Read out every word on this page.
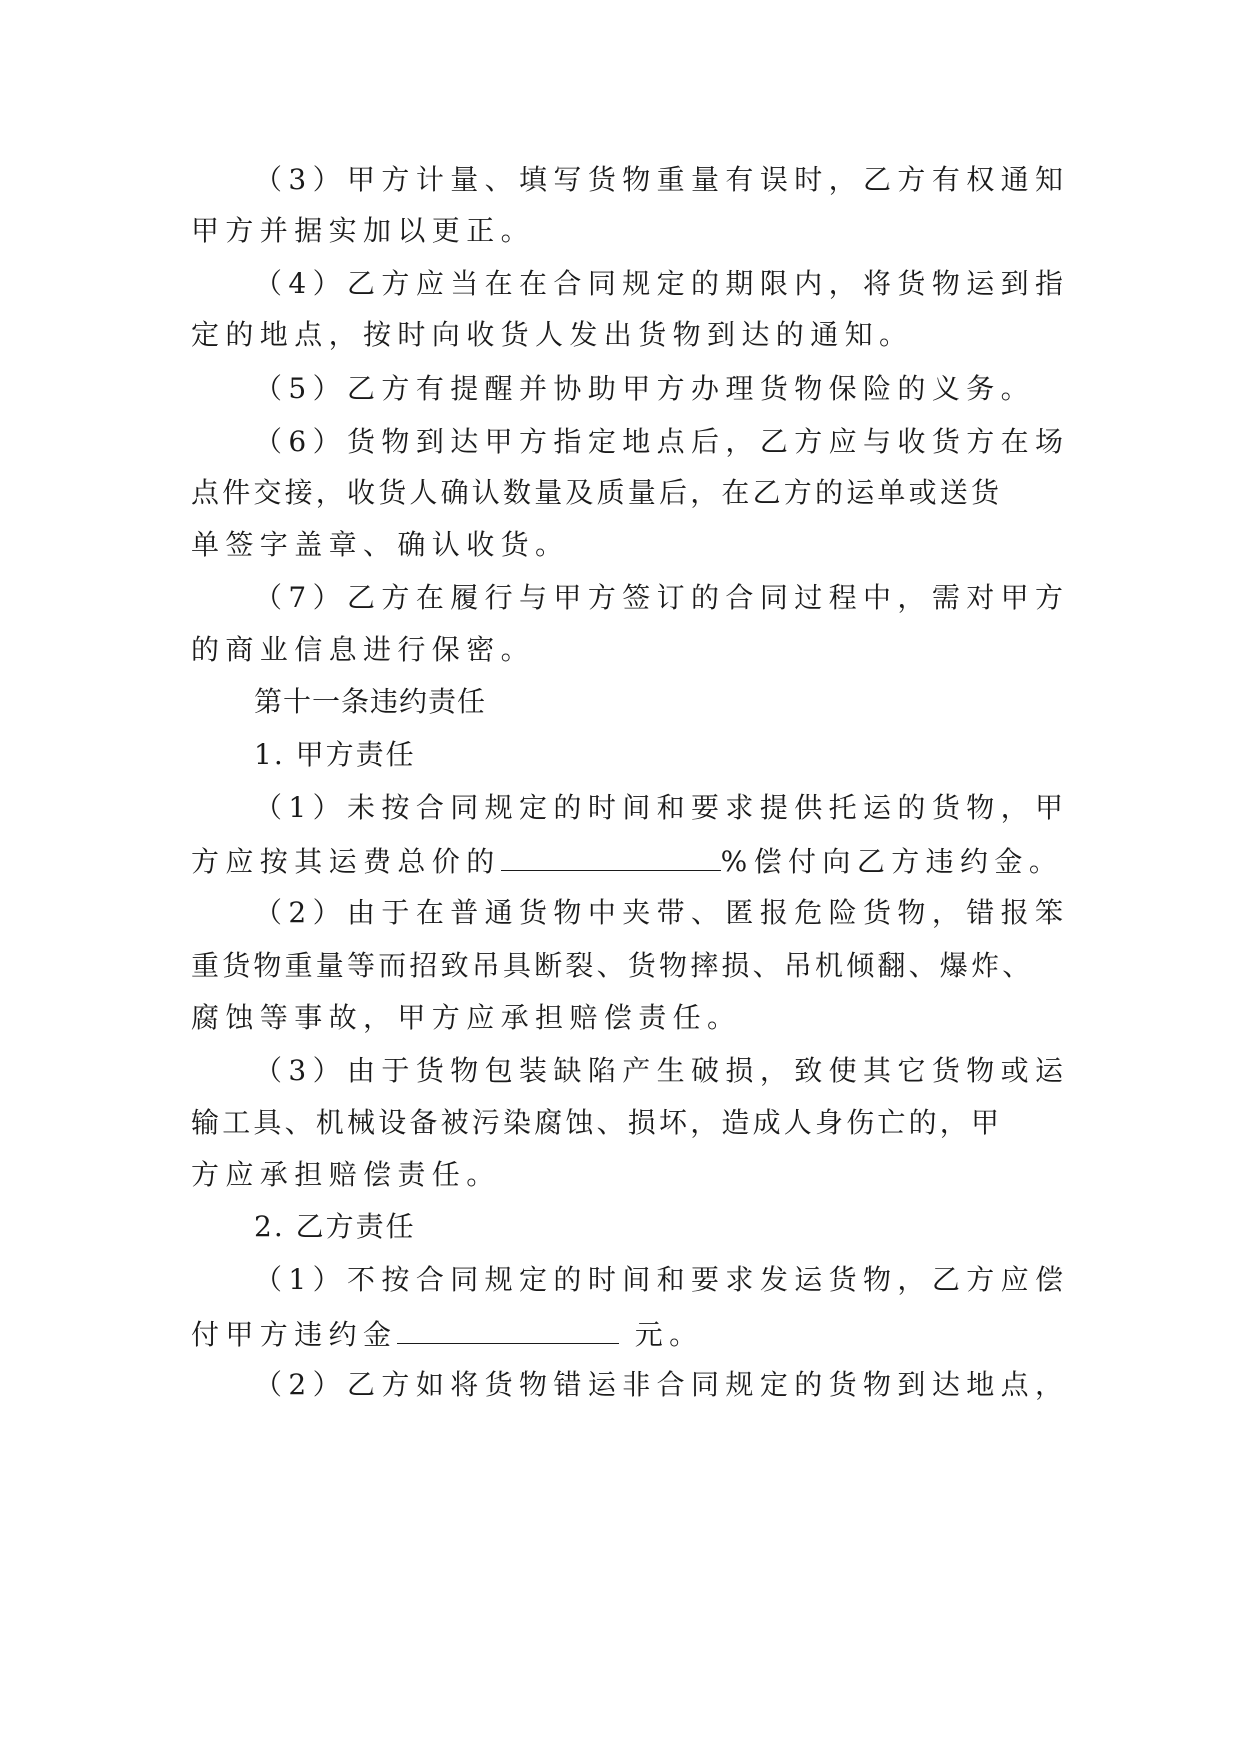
（3）甲方计量、填写货物重量有误时，乙方有权通知
甲方并据实加以更正。
（4）乙方应当在在合同规定的期限内，将货物运到指
定的地点，按时向收货人发出货物到达的通知。
（5）乙方有提醒并协助甲方办理货物保险的义务。
（6）货物到达甲方指定地点后，乙方应与收货方在场
点件交接，收货人确认数量及质量后，在乙方的运单或送货
单签字盖章、确认收货。
（7）乙方在履行与甲方签订的合同过程中，需对甲方
的商业信息进行保密。
第十一条违约责任
1. 甲方责任
（1）未按合同规定的时间和要求提供托运的货物，甲
方应按其运费总价的	%偿付向乙方违约金。
（2）由于在普通货物中夹带、匿报危险货物，错报笨
重货物重量等而招致吊具断裂、货物摔损、吊机倾翻、爆炸、
腐蚀等事故，甲方应承担赔偿责任。
（3）由于货物包装缺陷产生破损，致使其它货物或运
输工具、机械设备被污染腐蚀、损坏，造成人身伤亡的，甲
方应承担赔偿责任。
2. 乙方责任
（1）不按合同规定的时间和要求发运货物，乙方应偿
付甲方违约金	元。
（2）乙方如将货物错运非合同规定的货物到达地点，
